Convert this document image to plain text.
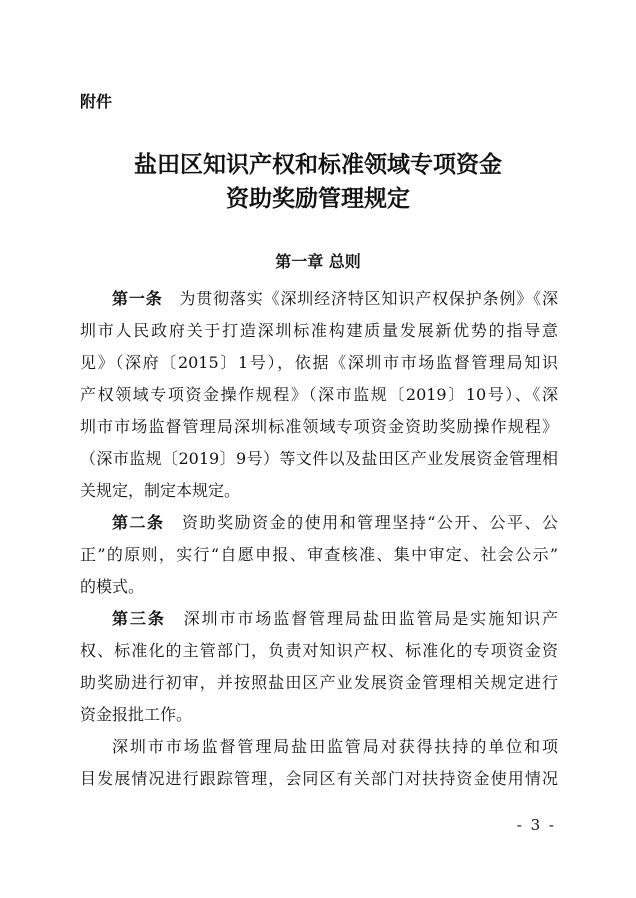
附件
盐田区知识产权和标准领域专项资金
资助奖励管理规定
第一章 总则
第一条  为贯彻落实《深圳经济特区知识产权保护条例》《深
圳市人民政府关于打造深圳标准构建质量发展新优势的指导意
见》（深府〔2015〕1号），依据《深圳市市场监督管理局知识
产权领域专项资金操作规程》（深市监规〔2019〕10号）、《深
圳市市场监督管理局深圳标准领域专项资金资助奖励操作规程》
（深市监规〔2019〕9号）等文件以及盐田区产业发展资金管理相
关规定，制定本规定。
第二条  资助奖励资金的使用和管理坚持“公开、公平、公
正”的原则，实行“自愿申报、审查核准、集中审定、社会公示”
的模式。
第三条  深圳市市场监督管理局盐田监管局是实施知识产
权、标准化的主管部门，负责对知识产权、标准化的专项资金资
助奖励进行初审，并按照盐田区产业发展资金管理相关规定进行
资金报批工作。
深圳市市场监督管理局盐田监管局对获得扶持的单位和项
目发展情况进行跟踪管理，会同区有关部门对扶持资金使用情况
- 3 -
